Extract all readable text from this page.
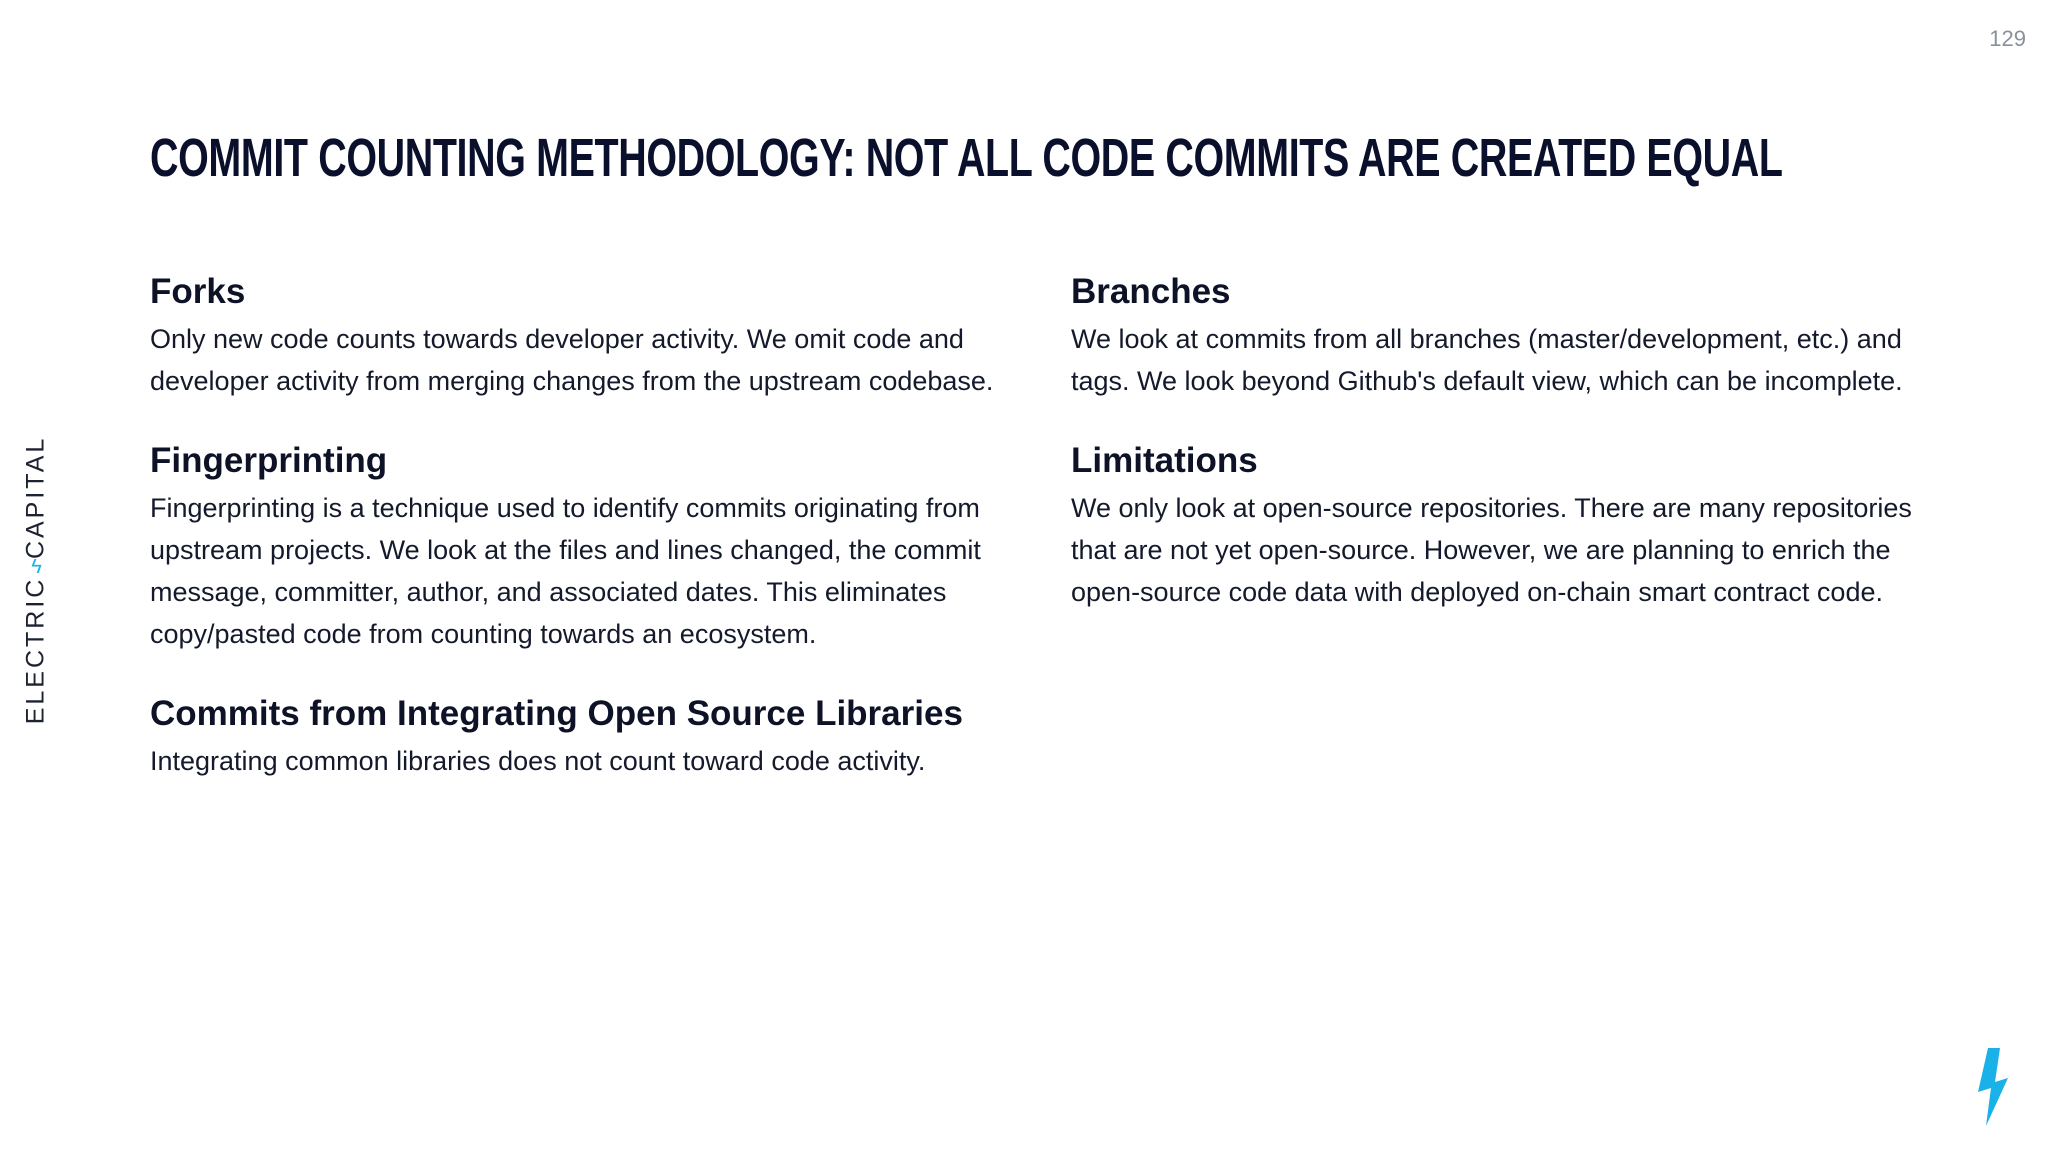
129
COMMIT COUNTING METHODOLOGY: NOT ALL CODE COMMITS ARE CREATED EQUAL
ELECTRICϟCAPITAL
Forks

Only new code counts towards developer activity. We omit code and developer activity from merging changes from the upstream codebase.

Fingerprinting

Fingerprinting is a technique used to identify commits originating from upstream projects. We look at the files and lines changed, the commit message, committer, author, and associated dates. This eliminates copy/pasted code from counting towards an ecosystem.

Commits from Integrating Open Source Libraries

Integrating common libraries does not count toward code activity.

Branches

We look at commits from all branches (master/development, etc.) and tags. We look beyond Github's default view, which can be incomplete.

Limitations

We only look at open-source repositories. There are many repositories that are not yet open-source. However, we are planning to enrich the open-source code data with deployed on-chain smart contract code.
